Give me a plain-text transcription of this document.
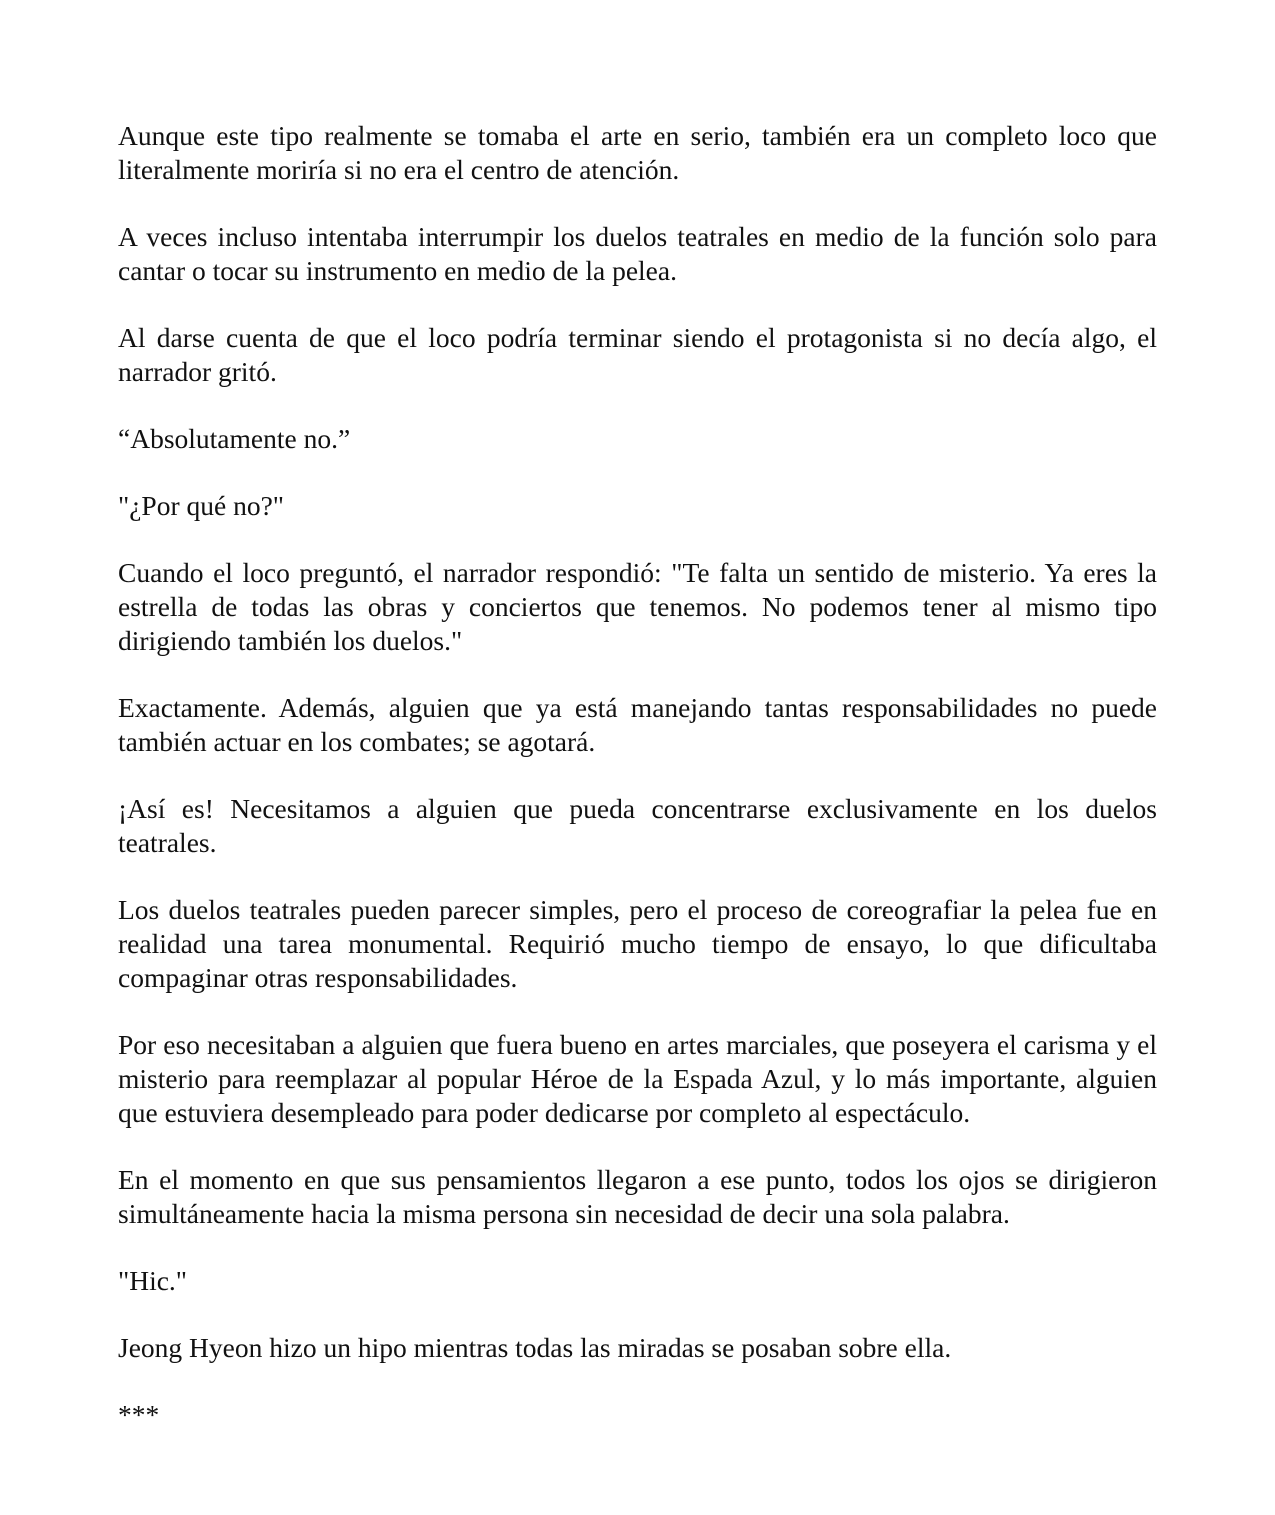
Aunque este tipo realmente se tomaba el arte en serio, también era un completo loco que literalmente moriría si no era el centro de atención.

A veces incluso intentaba interrumpir los duelos teatrales en medio de la función solo para cantar o tocar su instrumento en medio de la pelea.

Al darse cuenta de que el loco podría terminar siendo el protagonista si no decía algo, el narrador gritó.

“Absolutamente no.”

"¿Por qué no?"

Cuando el loco preguntó, el narrador respondió: "Te falta un sentido de misterio. Ya eres la estrella de todas las obras y conciertos que tenemos. No podemos tener al mismo tipo dirigiendo también los duelos."

Exactamente. Además, alguien que ya está manejando tantas responsabilidades no puede también actuar en los combates; se agotará.

¡Así es! Necesitamos a alguien que pueda concentrarse exclusivamente en los duelos teatrales.

Los duelos teatrales pueden parecer simples, pero el proceso de coreografiar la pelea fue en realidad una tarea monumental. Requirió mucho tiempo de ensayo, lo que dificultaba compaginar otras responsabilidades.

Por eso necesitaban a alguien que fuera bueno en artes marciales, que poseyera el carisma y el misterio para reemplazar al popular Héroe de la Espada Azul, y lo más importante, alguien que estuviera desempleado para poder dedicarse por completo al espectáculo.

En el momento en que sus pensamientos llegaron a ese punto, todos los ojos se dirigieron simultáneamente hacia la misma persona sin necesidad de decir una sola palabra.

"Hic."

Jeong Hyeon hizo un hipo mientras todas las miradas se posaban sobre ella.

***
